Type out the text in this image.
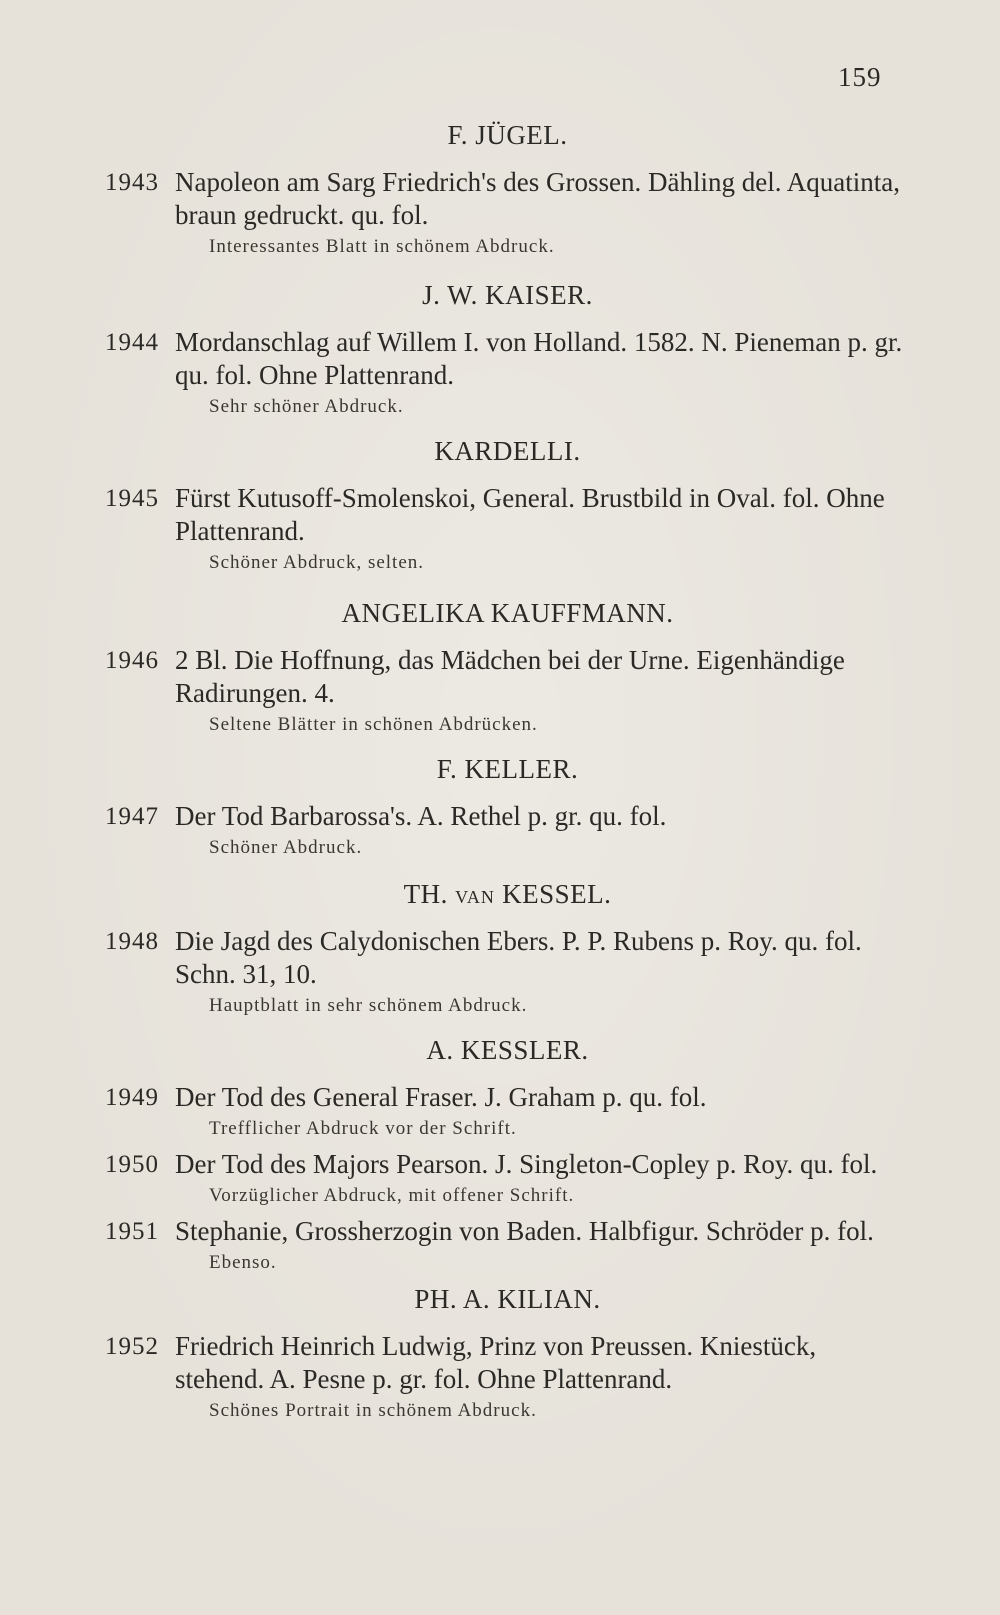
159
F. JÜGEL.
1943 Napoleon am Sarg Friedrich's des Grossen. Dähling del. Aquatinta, braun gedruckt. qu. fol.
Interessantes Blatt in schönem Abdruck.
J. W. KAISER.
1944 Mordanschlag auf Willem I. von Holland. 1582. N. Pieneman p. gr. qu. fol. Ohne Plattenrand.
Sehr schöner Abdruck.
KARDELLI.
1945 Fürst Kutusoff-Smolenskoi, General. Brustbild in Oval. fol. Ohne Plattenrand.
Schöner Abdruck, selten.
ANGELIKA KAUFFMANN.
1946 2 Bl. Die Hoffnung, das Mädchen bei der Urne. Eigenhändige Radirungen. 4.
Seltene Blätter in schönen Abdrücken.
F. KELLER.
1947 Der Tod Barbarossa's. A. Rethel p. gr. qu. fol.
Schöner Abdruck.
TH. VAN KESSEL.
1948 Die Jagd des Calydonischen Ebers. P. P. Rubens p. Roy. qu. fol. Schn. 31, 10.
Hauptblatt in sehr schönem Abdruck.
A. KESSLER.
1949 Der Tod des General Fraser. J. Graham p. qu. fol.
Trefflicher Abdruck vor der Schrift.
1950 Der Tod des Majors Pearson. J. Singleton-Copley p. Roy. qu. fol.
Vorzüglicher Abdruck, mit offener Schrift.
1951 Stephanie, Grossherzogin von Baden. Halbfigur. Schröder p. fol.
Ebenso.
PH. A. KILIAN.
1952 Friedrich Heinrich Ludwig, Prinz von Preussen. Kniestück, stehend. A. Pesne p. gr. fol. Ohne Plattenrand.
Schönes Portrait in schönem Abdruck.
